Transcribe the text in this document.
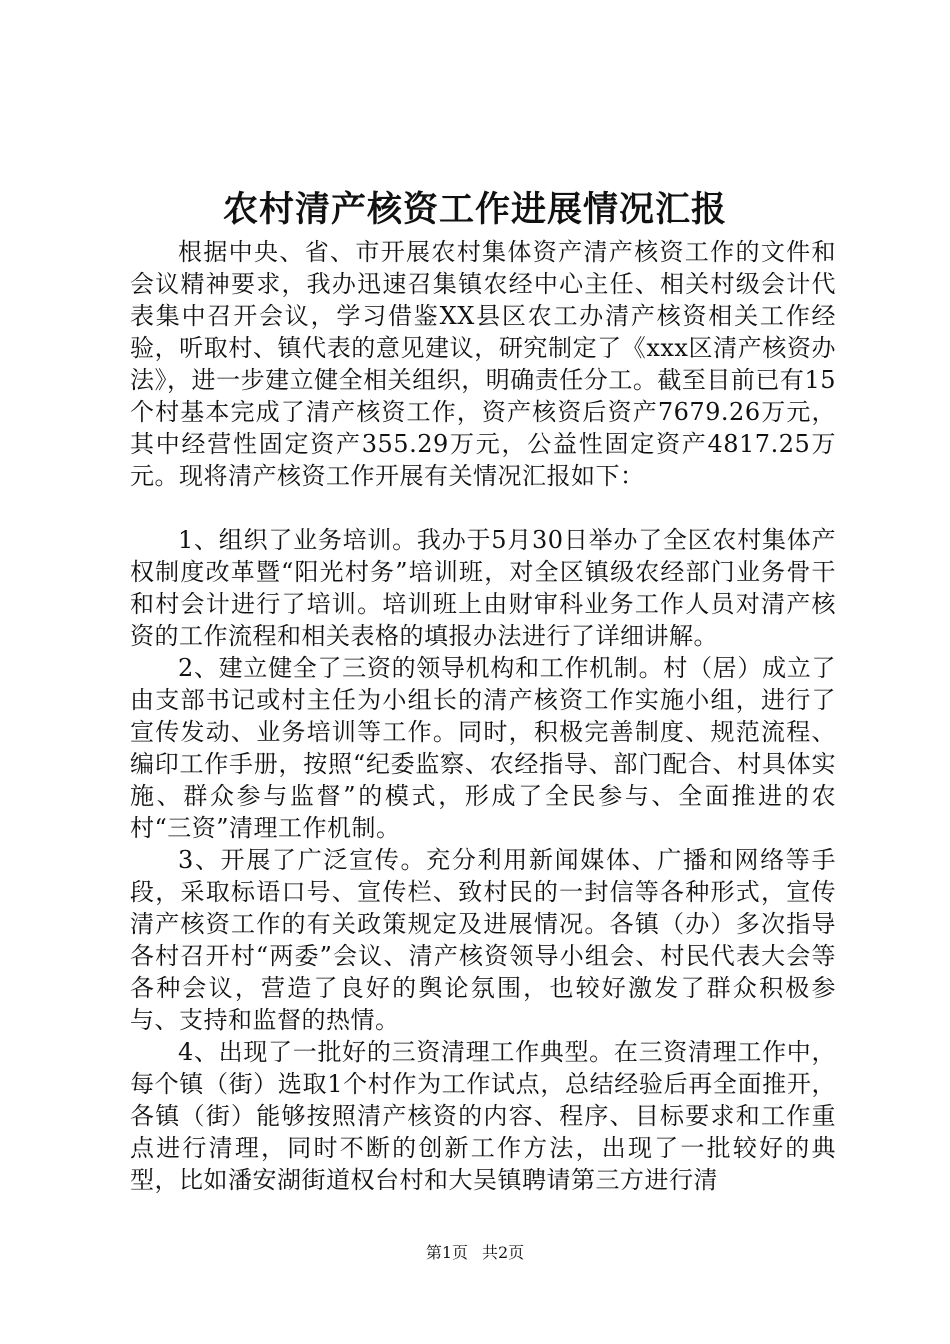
农村清产核资工作进展情况汇报

根据中央、省、市开展农村集体资产清产核资工作的文件和会议精神要求，我办迅速召集镇农经中心主任、相关村级会计代表集中召开会议，学习借鉴XX县区农工办清产核资相关工作经验，听取村、镇代表的意见建议，研究制定了《xxx区清产核资办法》，进一步建立健全相关组织，明确责任分工。截至目前已有15个村基本完成了清产核资工作，资产核资后资产7679.26万元，其中经营性固定资产355.29万元，公益性固定资产4817.25万元。现将清产核资工作开展有关情况汇报如下：

1、组织了业务培训。我办于5月30日举办了全区农村集体产权制度改革暨“阳光村务”培训班，对全区镇级农经部门业务骨干和村会计进行了培训。培训班上由财审科业务工作人员对清产核资的工作流程和相关表格的填报办法进行了详细讲解。

2、建立健全了三资的领导机构和工作机制。村（居）成立了由支部书记或村主任为小组长的清产核资工作实施小组，进行了宣传发动、业务培训等工作。同时，积极完善制度、规范流程、编印工作手册，按照“纪委监察、农经指导、部门配合、村具体实施、群众参与监督”的模式，形成了全民参与、全面推进的农村“三资”清理工作机制。

3、开展了广泛宣传。充分利用新闻媒体、广播和网络等手段，采取标语口号、宣传栏、致村民的一封信等各种形式，宣传清产核资工作的有关政策规定及进展情况。各镇（办）多次指导各村召开村“两委”会议、清产核资领导小组会、村民代表大会等各种会议，营造了良好的舆论氛围，也较好激发了群众积极参与、支持和监督的热情。

4、出现了一批好的三资清理工作典型。在三资清理工作中，每个镇（街）选取1个村作为工作试点，总结经验后再全面推开，各镇（街）能够按照清产核资的内容、程序、目标要求和工作重点进行清理，同时不断的创新工作方法，出现了一批较好的典型，比如潘安湖街道权台村和大吴镇聘请第三方进行清

第1页 共2页
